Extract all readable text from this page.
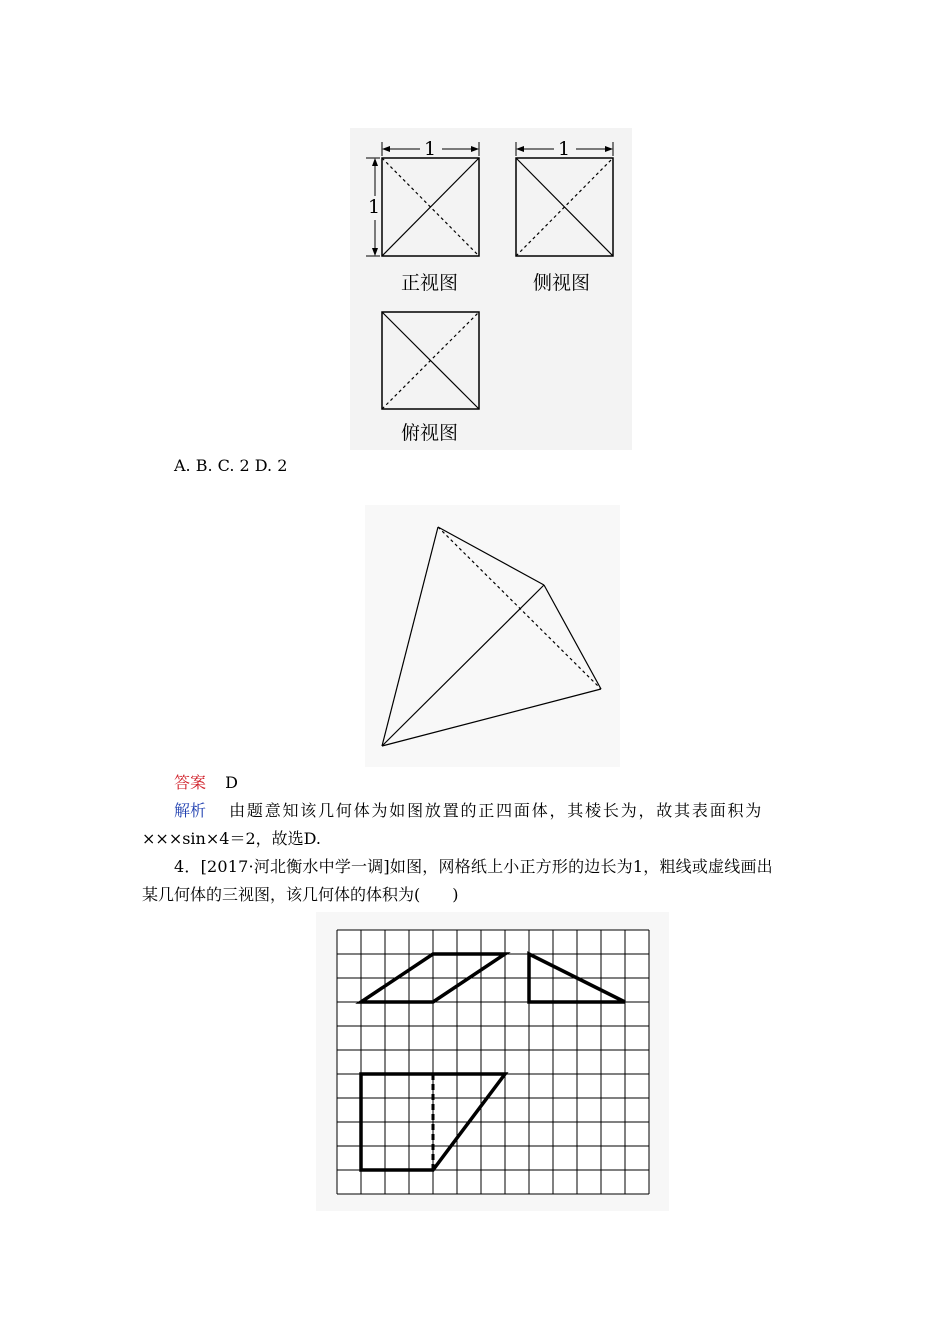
1	1
1
正视图	侧视图
俯视图
A. B. C. 2 D. 2
答案 D
解析 由题意知该几何体为如图放置的正四面体，其棱长为，故其表面积为
×××sin×4＝2，故选D.
4．[2017·河北衡水中学一调]如图，网格纸上小正方形的边长为1，粗线或虚线画出
某几何体的三视图，该几何体的体积为(　　)
